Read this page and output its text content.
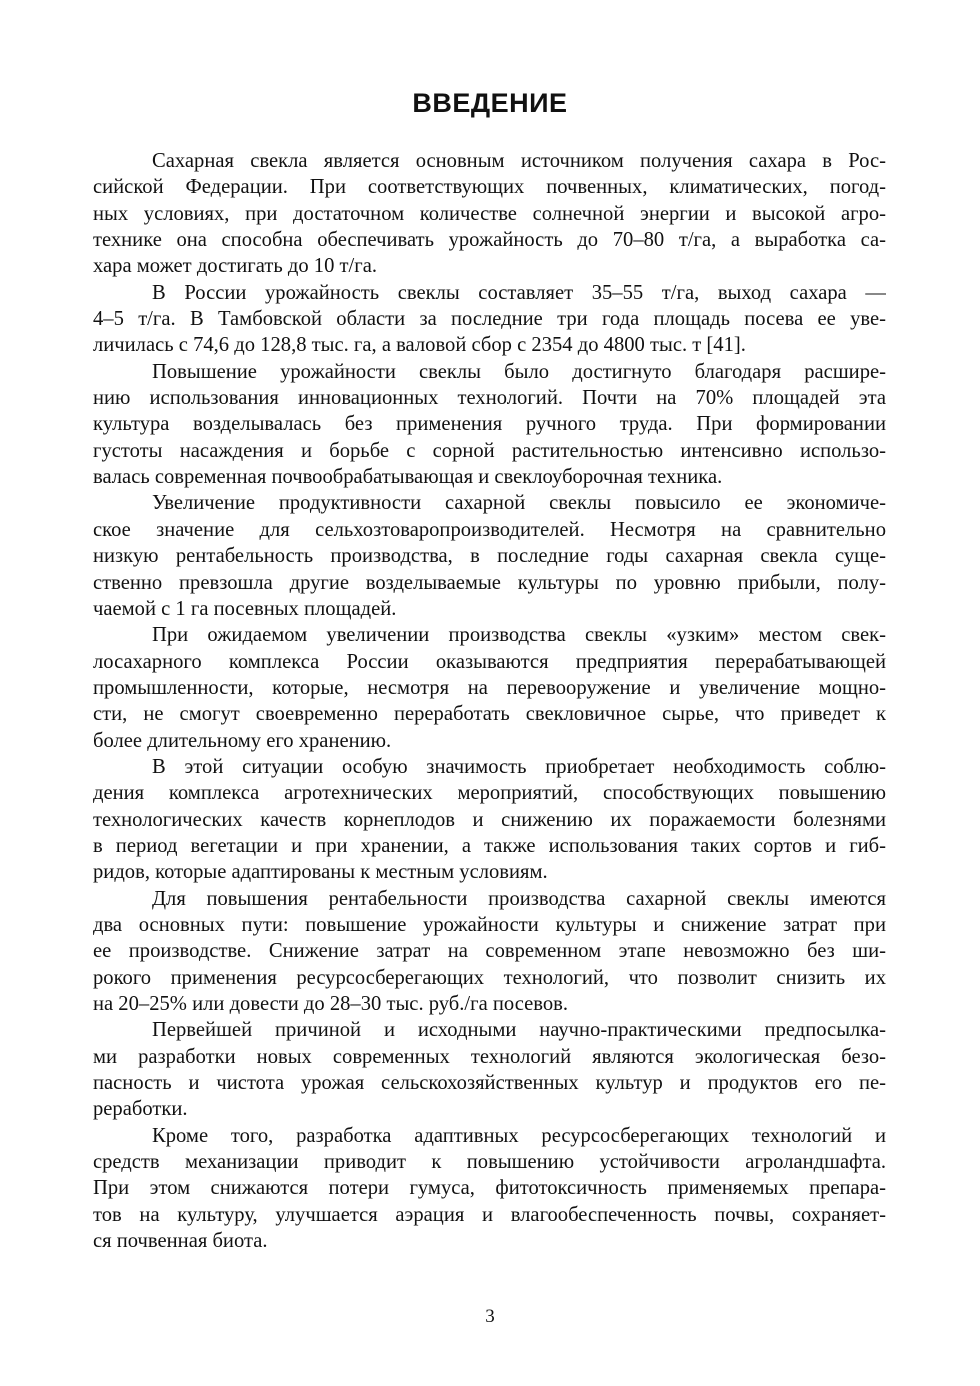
ВВЕДЕНИЕ
Сахарная свекла является основным источником получения сахара в Рос-
сийской Федерации. При соответствующих почвенных, климатических, погод-
ных условиях, при достаточном количестве солнечной энергии и высокой агро-
технике она способна обеспечивать урожайность до 70–80 т/га, а выработка са-
хара может достигать до 10 т/га.
В России урожайность свеклы составляет 35–55 т/га, выход сахара —
4–5 т/га. В Тамбовской области за последние три года площадь посева ее уве-
личилась с 74,6 до 128,8 тыс. га, а валовой сбор с 2354 до 4800 тыс. т [41].
Повышение урожайности свеклы было достигнуто благодаря расшире-
нию использования инновационных технологий. Почти на 70% площадей эта
культура возделывалась без применения ручного труда. При формировании
густоты насаждения и борьбе с сорной растительностью интенсивно использо-
валась современная почвообрабатывающая и свеклоуборочная техника.
Увеличение продуктивности сахарной свеклы повысило ее экономиче-
ское значение для сельхозтоваропроизводителей. Несмотря на сравнительно
низкую рентабельность производства, в последние годы сахарная свекла суще-
ственно превзошла другие возделываемые культуры по уровню прибыли, полу-
чаемой с 1 га посевных площадей.
При ожидаемом увеличении производства свеклы «узким» местом свек-
лосахарного комплекса России оказываются предприятия перерабатывающей
промышленности, которые, несмотря на перевооружение и увеличение мощно-
сти, не смогут своевременно переработать свекловичное сырье, что приведет к
более длительному его хранению.
В этой ситуации особую значимость приобретает необходимость соблю-
дения комплекса агротехнических мероприятий, способствующих повышению
технологических качеств корнеплодов и снижению их поражаемости болезнями
в период вегетации и при хранении, а также использования таких сортов и гиб-
ридов, которые адаптированы к местным условиям.
Для повышения рентабельности производства сахарной свеклы имеются
два основных пути: повышение урожайности культуры и снижение затрат при
ее производстве. Снижение затрат на современном этапе невозможно без ши-
рокого применения ресурсосберегающих технологий, что позволит снизить их
на 20–25% или довести до 28–30 тыс. руб./га посевов.
Первейшей причиной и исходными научно-практическими предпосылка-
ми разработки новых современных технологий являются экологическая безо-
пасность и чистота урожая сельскохозяйственных культур и продуктов его пе-
реработки.
Кроме того, разработка адаптивных ресурсосберегающих технологий и
средств механизации приводит к повышению устойчивости агроландшафта.
При этом снижаются потери гумуса, фитотоксичность применяемых препара-
тов на культуру, улучшается аэрация и влагообеспеченность почвы, сохраняет-
ся почвенная биота.
3
